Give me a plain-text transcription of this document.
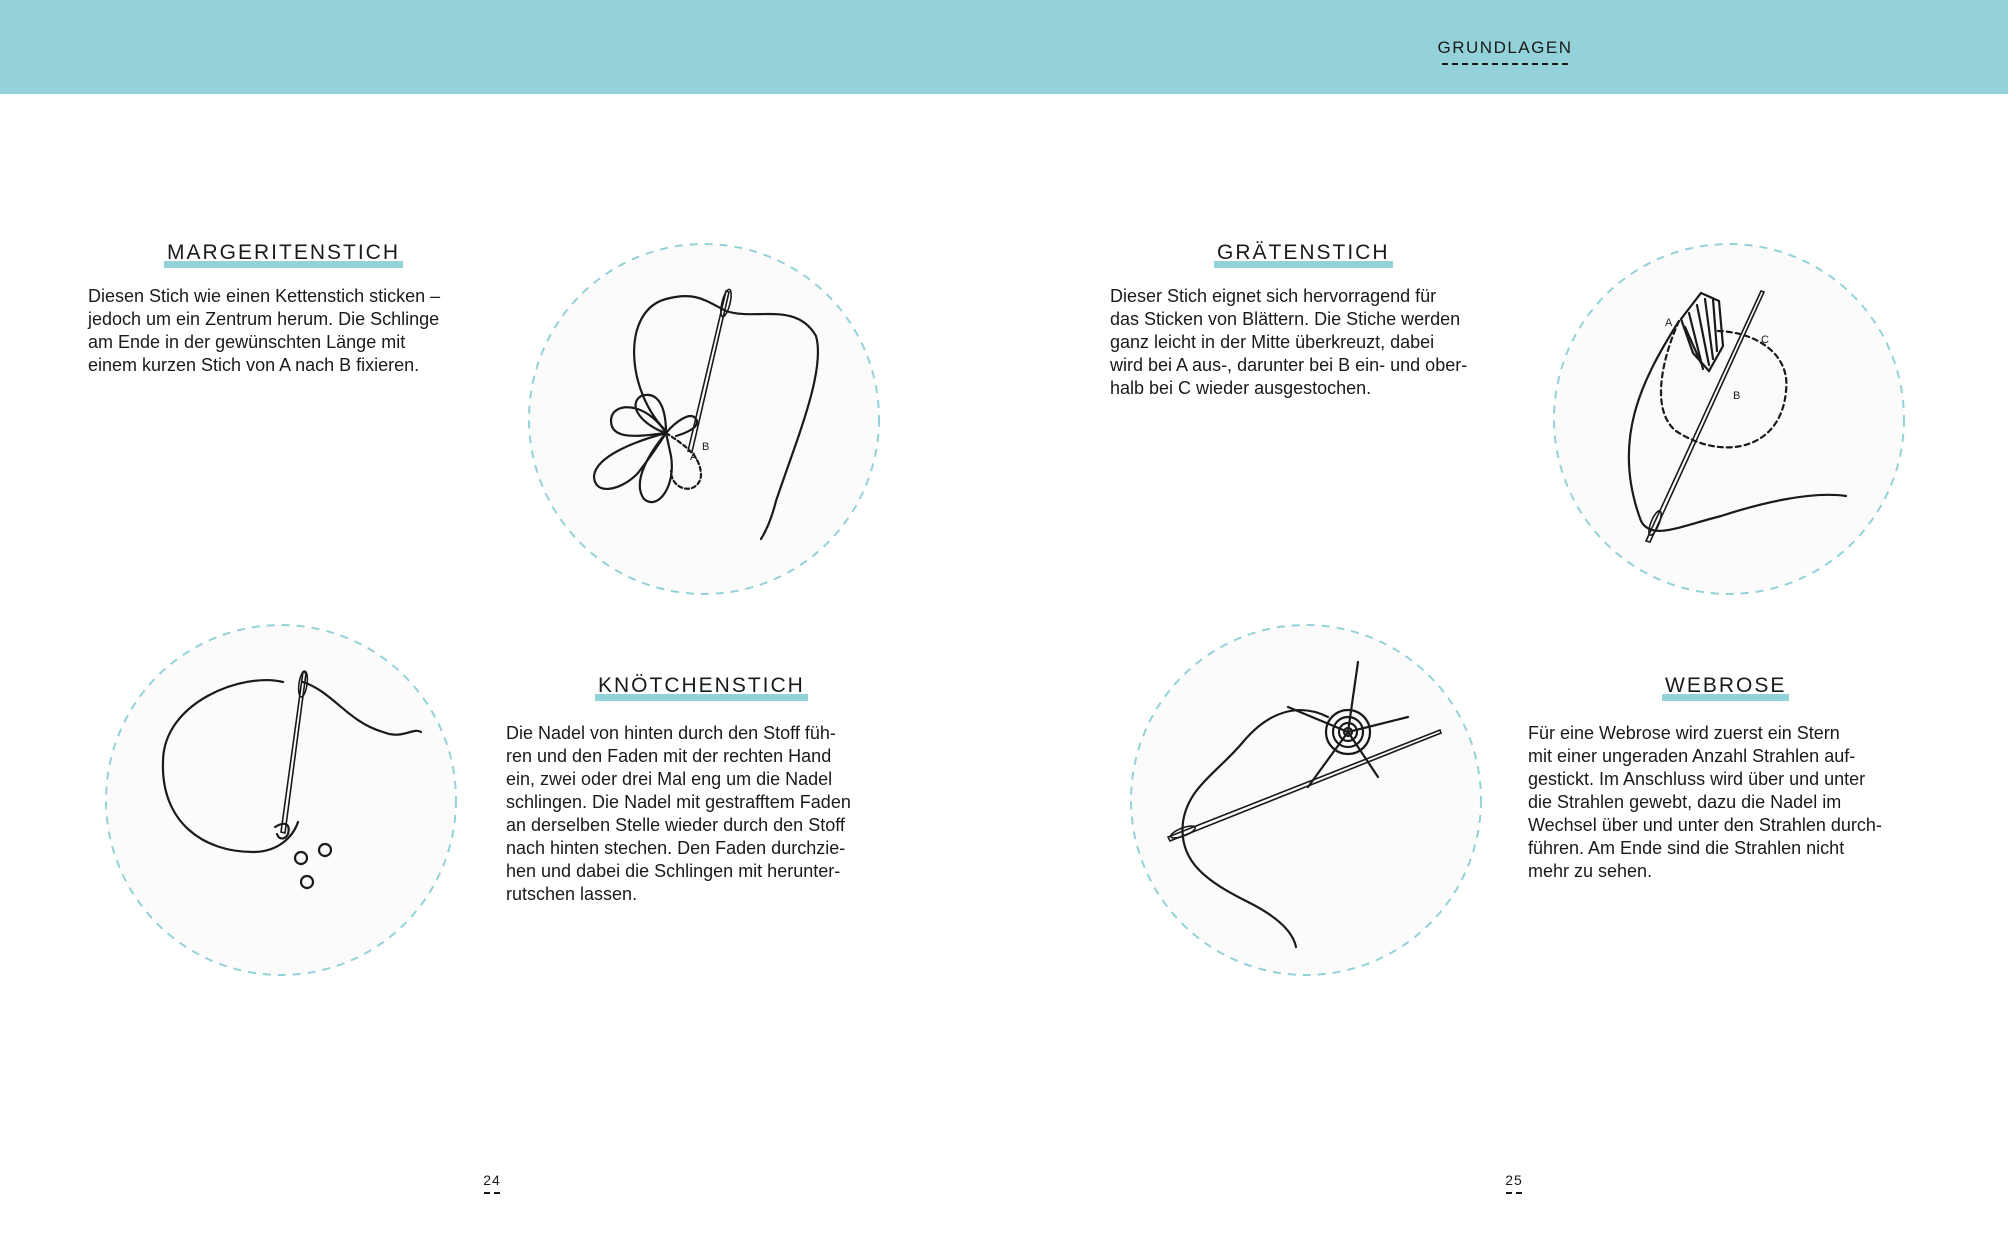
GRUNDLAGEN
MARGERITENSTICH

Diesen Stich wie einen Kettenstich sticken –
jedoch um ein Zentrum herum. Die Schlinge
am Ende in der gewünschten Länge mit
einem kurzen Stich von A nach B fixieren.

A
B
KNÖTCHENSTICH

Die Nadel von hinten durch den Stoff füh-
ren und den Faden mit der rechten Hand
ein, zwei oder drei Mal eng um die Nadel
schlingen. Die Nadel mit gestrafftem Faden
an derselben Stelle wieder durch den Stoff
nach hinten stechen. Den Faden durchzie-
hen und dabei die Schlingen mit herunter-
rutschen lassen.

GRÄTENSTICH

Dieser Stich eignet sich hervorragend für
das Sticken von Blättern. Die Stiche werden
ganz leicht in der Mitte überkreuzt, dabei
wird bei A aus-, darunter bei B ein- und ober-
halb bei C wieder ausgestochen.

A
B
C
WEBROSE

Für eine Webrose wird zuerst ein Stern
mit einer ungeraden Anzahl Strahlen auf-
gestickt. Im Anschluss wird über und unter
die Strahlen gewebt, dazu die Nadel im
Wechsel über und unter den Strahlen durch-
führen. Am Ende sind die Strahlen nicht
mehr zu sehen.

24	25
